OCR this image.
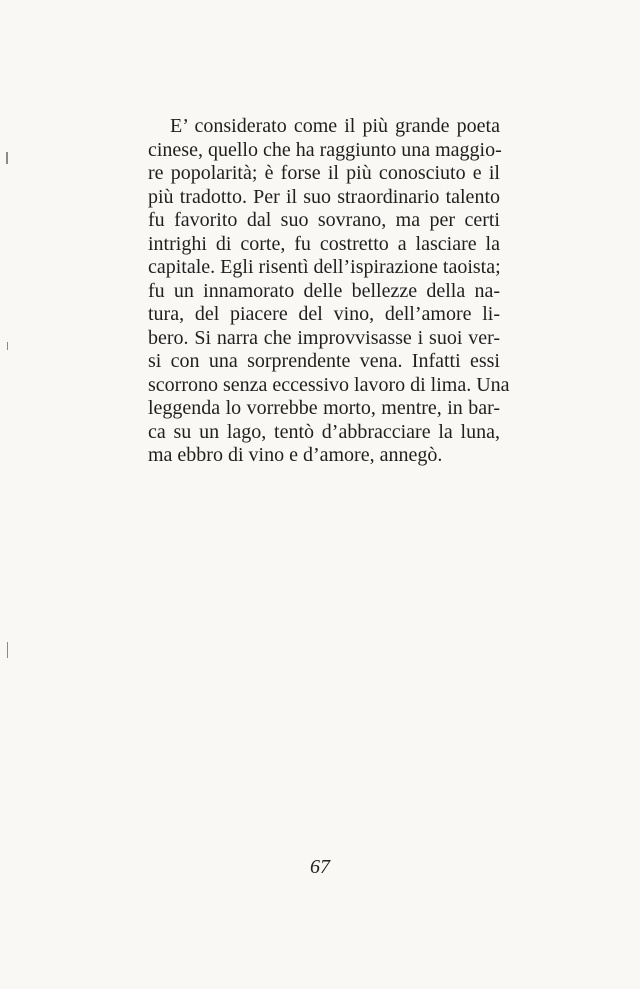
E’ considerato come il più grande poeta
cinese, quello che ha raggiunto una maggio-
re popolarità; è forse il più conosciuto e il
più tradotto. Per il suo straordinario talento
fu favorito dal suo sovrano, ma per certi
intrighi di corte, fu costretto a lasciare la
capitale. Egli risentì dell’ispirazione taoista;
fu un innamorato delle bellezze della na-
tura, del piacere del vino, dell’amore li-
bero. Si narra che improvvisasse i suoi ver-
si con una sorprendente vena. Infatti essi
scorrono senza eccessivo lavoro di lima. Una
leggenda lo vorrebbe morto, mentre, in bar-
ca su un lago, tentò d’abbracciare la luna,
ma ebbro di vino e d’amore, annegò.
67
